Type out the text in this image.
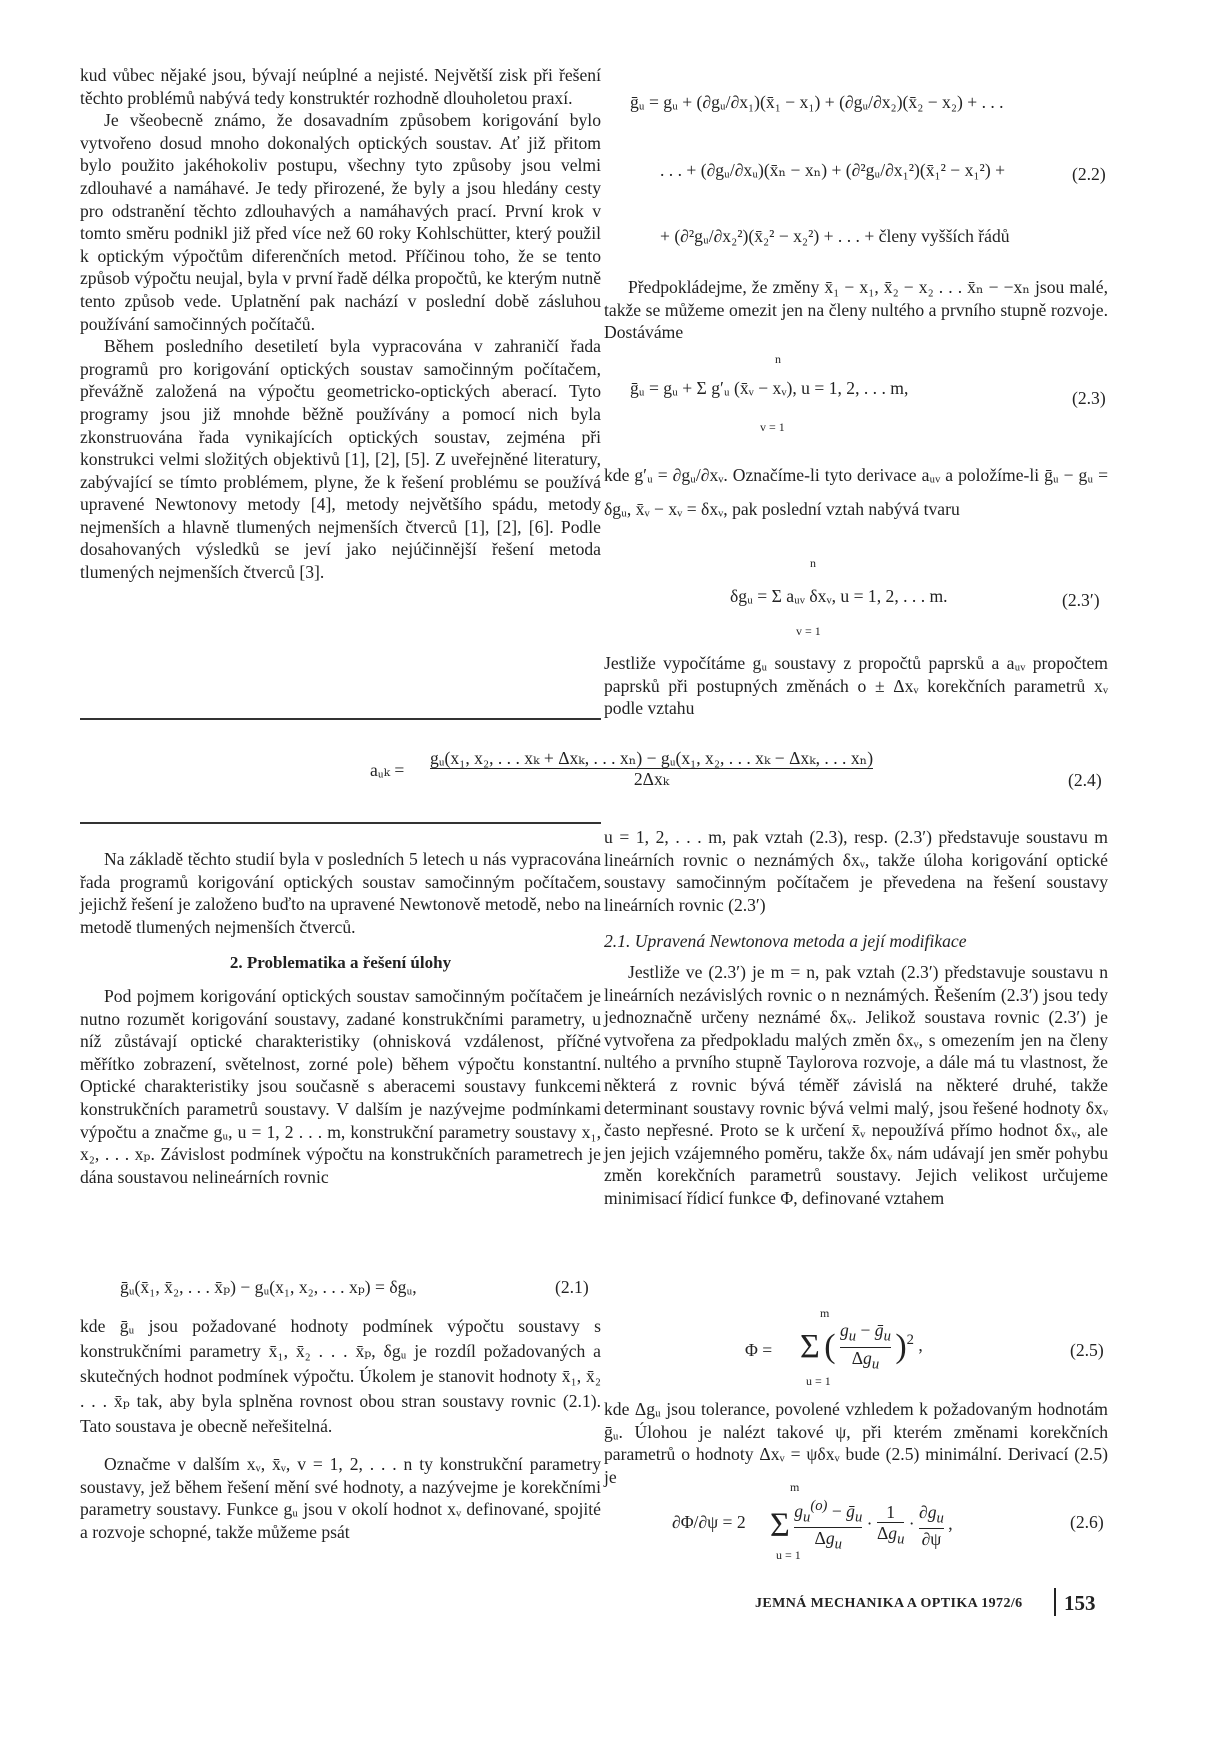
kud vůbec nějaké jsou, bývají neúplné a nejisté. Největší zisk při řešení těchto problémů nabývá tedy konstruktér rozhodně dlouholetou praxí.

Je všeobecně známo, že dosavadním způsobem korigování bylo vytvořeno dosud mnoho dokonalých optických soustav. Ať již přitom bylo použito jakéhokoliv postupu, všechny tyto způsoby jsou velmi zdlouhavé a namáhavé. Je tedy přirozené, že byly a jsou hledány cesty pro odstranění těchto zdlouhavých a namáhavých prací. První krok v tomto směru podnikl již před více než 60 roky Kohlschütter, který použil k optickým výpočtům diferenčních metod. Příčinou toho, že se tento způsob výpočtu neujal, byla v první řadě délka propočtů, ke kterým nutně tento způsob vede. Uplatnění pak nachází v poslední době zásluhou používání samočinných počítačů.

Během posledního desetiletí byla vypracována v zahraničí řada programů pro korigování optických soustav samočinným počítačem, převážně založená na výpočtu geometricko-optických aberací. Tyto programy jsou již mnohde běžně používány a pomocí nich byla zkonstruována řada vynikajících optických soustav, zejména při konstrukci velmi složitých objektivů [1], [2], [5]. Z uveřejněné literatury, zabývající se tímto problémem, plyne, že k řešení problému se používá upravené Newtonovy metody [4], metody největšího spádu, metody nejmenších a hlavně tlumených nejmenších čtverců [1], [2], [6]. Podle dosahovaných výsledků se jeví jako nejúčinnější řešení metoda tlumených nejmenších čtverců [3].

ḡᵤ = gᵤ + (∂gᵤ/∂x₁)(x̄₁ − x₁) + (∂gᵤ/∂x₂)(x̄₂ − x₂) + . . .
. . . + (∂gᵤ/∂xᵤ)(x̄ₙ − xₙ) + (∂²gᵤ/∂x₁²)(x̄₁² − x₁²) +	(2.2)
+ (∂²gᵤ/∂x₂²)(x̄₂² − x₂²) + . . . + členy vyšších řádů

Předpokládejme, že změny x̄₁ − x₁, x̄₂ − x₂ . . . x̄ₙ − −xₙ jsou malé, takže se můžeme omezit jen na členy nultého a prvního stupně rozvoje. Dostáváme

ḡᵤ = gᵤ + Σ g′ᵤ (x̄ᵥ − xᵥ), u = 1, 2, . . . m,
n
v = 1
(2.3)

kde g′ᵤ = ∂gᵤ/∂xᵥ. Označíme-li tyto derivace aᵤᵥ a položíme-li ḡᵤ − gᵤ = δgᵤ, x̄ᵥ − xᵥ = δxᵥ, pak poslední vztah nabývá tvaru

δgᵤ = Σ aᵤᵥ δxᵥ, u = 1, 2, . . . m.
n
v = 1
(2.3′)

Jestliže vypočítáme gᵤ soustavy z propočtů paprsků a aᵤᵥ propočtem paprsků při postupných změnách o ± Δxᵥ korekčních parametrů xᵥ podle vztahu

aᵤₖ =
gᵤ(x₁, x₂, . . . xₖ + Δxₖ, . . . xₙ) − gᵤ(x₁, x₂, . . . xₖ − Δxₖ, . . . xₙ)
2Δxₖ	(2.4)

Na základě těchto studií byla v posledních 5 letech u nás vypracována řada programů korigování optických soustav samočinným počítačem, jejichž řešení je založeno buďto na upravené Newtonově metodě, nebo na metodě tlumených nejmenších čtverců.

2. Problematika a řešení úlohy

Pod pojmem korigování optických soustav samočinným počítačem je nutno rozumět korigování soustavy, zadané konstrukčními parametry, u níž zůstávají optické charakteristiky (ohnisková vzdálenost, příčné měřítko zobrazení, světelnost, zorné pole) během výpočtu konstantní. Optické charakteristiky jsou současně s aberacemi soustavy funkcemi konstrukčních parametrů soustavy. V dalším je nazývejme podmínkami výpočtu a značme gᵤ, u = 1, 2 . . . m, konstrukční parametry soustavy x₁, x₂, . . . xₚ. Závislost podmínek výpočtu na konstrukčních parametrech je dána soustavou nelineárních rovnic

ḡᵤ(x̄₁, x̄₂, . . . x̄ₚ) − gᵤ(x₁, x₂, . . . xₚ) = δgᵤ,	(2.1)

kde ḡᵤ jsou požadované hodnoty podmínek výpočtu soustavy s konstrukčními parametry x̄₁, x̄₂ . . . x̄ₚ, δgᵤ je rozdíl požadovaných a skutečných hodnot podmínek výpočtu. Úkolem je stanovit hodnoty x̄₁, x̄₂ . . . x̄ₚ tak, aby byla splněna rovnost obou stran soustavy rovnic (2.1). Tato soustava je obecně neřešitelná.

Označme v dalším xᵥ, x̄ᵥ, v = 1, 2, . . . n ty konstrukční parametry soustavy, jež během řešení mění své hodnoty, a nazývejme je korekčními parametry soustavy. Funkce gᵤ jsou v okolí hodnot xᵥ definované, spojité a rozvoje schopné, takže můžeme psát

u = 1, 2, . . . m, pak vztah (2.3), resp. (2.3′) představuje soustavu m lineárních rovnic o neznámých δxᵥ, takže úloha korigování optické soustavy samočinným počítačem je převedena na řešení soustavy lineárních rovnic (2.3′)

2.1. Upravená Newtonova metoda a její modifikace

Jestliže ve (2.3′) je m = n, pak vztah (2.3′) představuje soustavu n lineárních nezávislých rovnic o n neznámých. Řešením (2.3′) jsou tedy jednoznačně určeny neznámé δxᵥ. Jelikož soustava rovnic (2.3′) je vytvořena za předpokladu malých změn δxᵥ, s omezením jen na členy nultého a prvního stupně Taylorova rozvoje, a dále má tu vlastnost, že některá z rovnic bývá téměř závislá na některé druhé, takže determinant soustavy rovnic bývá velmi malý, jsou řešené hodnoty δxᵥ často nepřesné. Proto se k určení x̄ᵥ nepoužívá přímo hodnot δxᵥ, ale jen jejich vzájemného poměru, takže δxᵥ nám udávají jen směr pohybu změn korekčních parametrů soustavy. Jejich velikost určujeme minimisací řídicí funkce Φ, definované vztahem

Φ = Σ ( $\frac{g_u - ḡ_u}{\Delta g_u} )^2$ ,
m
u = 1
(2.5)

kde Δgᵤ jsou tolerance, povolené vzhledem k požadovaným hodnotám ḡᵤ. Úlohou je nalézt takové ψ, při kterém změnami korekčních parametrů o hodnoty Δxᵥ = ψδxᵥ bude (2.5) minimální. Derivací (2.5) je

∂Φ/∂ψ = 2 Σ $\frac{g_u^{(o)} - ḡ_u}{\Delta g_u} \cdot \frac{1}{\Delta g_u} \cdot \frac{\partial g_u}{\partial\psi}$ ,
m
u = 1
(2.6)
JEMNÁ MECHANIKA A OPTIKA 1972/6 153
